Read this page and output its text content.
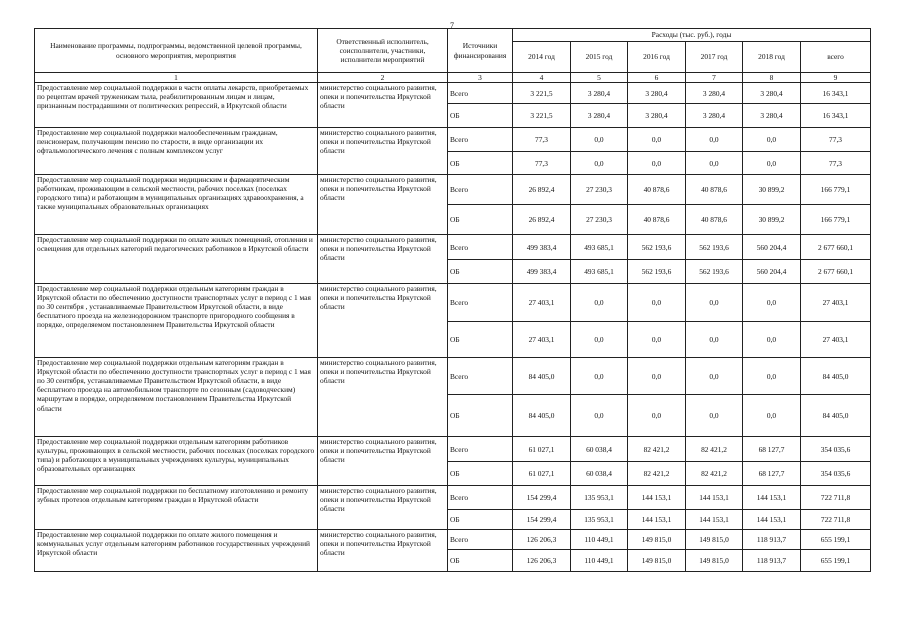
7
Наименование программы, подпрограммы, ведомственной целевой программы, основного мероприятия, мероприятия	Ответственный исполнитель, соисполнители, участники, исполнители мероприятий	Источники финансирования	Расходы (тыс. руб.), годы					
			2014 год	2015 год	2016 год	2017 год	2018 год	всего
1	2	3	4	5	6	7	8	9
Предоставление мер социальной поддержки в части оплаты лекарств, приобретаемых по рецептам врачей труженикам тыла, реабилитированным лицам и лицам, признанным пострадавшими от политических репрессий, в Иркутской области	министерство социального развития, опеки и попечительства Иркутской области	Всего	3 221,5	3 280,4	3 280,4	3 280,4	3 280,4	16 343,1
		ОБ	3 221,5	3 280,4	3 280,4	3 280,4	3 280,4	16 343,1
Предоставление мер социальной поддержки малообеспеченным гражданам, пенсионерам, получающим пенсию по старости, в виде организации их офтальмологического лечения с полным комплексом услуг	министерство социального развития, опеки и попечительства Иркутской области	Всего	77,3	0,0	0,0	0,0	0,0	77,3
		ОБ	77,3	0,0	0,0	0,0	0,0	77,3
Предоставление мер социальной поддержки медицинским и фармацевтическим работникам, проживающим в сельской местности, рабочих поселках (поселках городского типа) и работающим в муниципальных организациях здравоохранения, а также муниципальных образовательных организациях	министерство социального развития, опеки и попечительства Иркутской области	Всего	26 892,4	27 230,3	40 878,6	40 878,6	30 899,2	166 779,1
		ОБ	26 892,4	27 230,3	40 878,6	40 878,6	30 899,2	166 779,1
Предоставление мер социальной поддержки по оплате жилых помещений, отопления и освещения для отдельных категорий педагогических работников в Иркутской области	министерство социального развития, опеки и попечительства Иркутской области	Всего	499 383,4	493 685,1	562 193,6	562 193,6	560 204,4	2 677 660,1
		ОБ	499 383,4	493 685,1	562 193,6	562 193,6	560 204,4	2 677 660,1
Предоставление мер социальной поддержки отдельным категориям граждан в Иркутской области по обеспечению доступности транспортных услуг в период с 1 мая по 30 сентября , устанавливаемые Правительством Иркутской области, в виде бесплатного проезда на железнодорожном транспорте пригородного сообщения в порядке, определяемом постановлением Правительства Иркутской области	министерство социального развития, опеки и попечительства Иркутской области	Всего	27 403,1	0,0	0,0	0,0	0,0	27 403,1
		ОБ	27 403,1	0,0	0,0	0,0	0,0	27 403,1
Предоставление мер социальной поддержки отдельным категориям граждан в Иркутской области по обеспечению доступности транспортных услуг в период с 1 мая по 30 сентября, устанавливаемые Правительством Иркутской области, в виде бесплатного проезда на автомобильном транспорте по сезонным (садоводческим) маршрутам в порядке, определяемом постановлением Правительства Иркутской области	министерство социального развития, опеки и попечительства Иркутской области	Всего	84 405,0	0,0	0,0	0,0	0,0	84 405,0
		ОБ	84 405,0	0,0	0,0	0,0	0,0	84 405,0
Предоставление мер социальной поддержки отдельным категориям работников культуры, проживающих в сельской местности, рабочих поселках (поселках городского типа) и работающих в муниципальных учреждениях культуры, муниципальных образовательных организациях	министерство социального развития, опеки и попечительства Иркутской области	Всего	61 027,1	60 038,4	82 421,2	82 421,2	68 127,7	354 035,6
		ОБ	61 027,1	60 038,4	82 421,2	82 421,2	68 127,7	354 035,6
Предоставление мер социальной поддержки по бесплатному изготовлению и ремонту зубных протезов отдельным категориям граждан в Иркутской области	министерство социального развития, опеки и попечительства Иркутской области	Всего	154 299,4	135 953,1	144 153,1	144 153,1	144 153,1	722 711,8
		ОБ	154 299,4	135 953,1	144 153,1	144 153,1	144 153,1	722 711,8
Предоставление мер социальной поддержки по оплате жилого помещения и коммунальных услуг отдельным категориям работников государственных учреждений Иркутской области	министерство социального развития, опеки и попечительства Иркутской области	Всего	126 206,3	110 449,1	149 815,0	149 815,0	118 913,7	655 199,1
		ОБ	126 206,3	110 449,1	149 815,0	149 815,0	118 913,7	655 199,1
